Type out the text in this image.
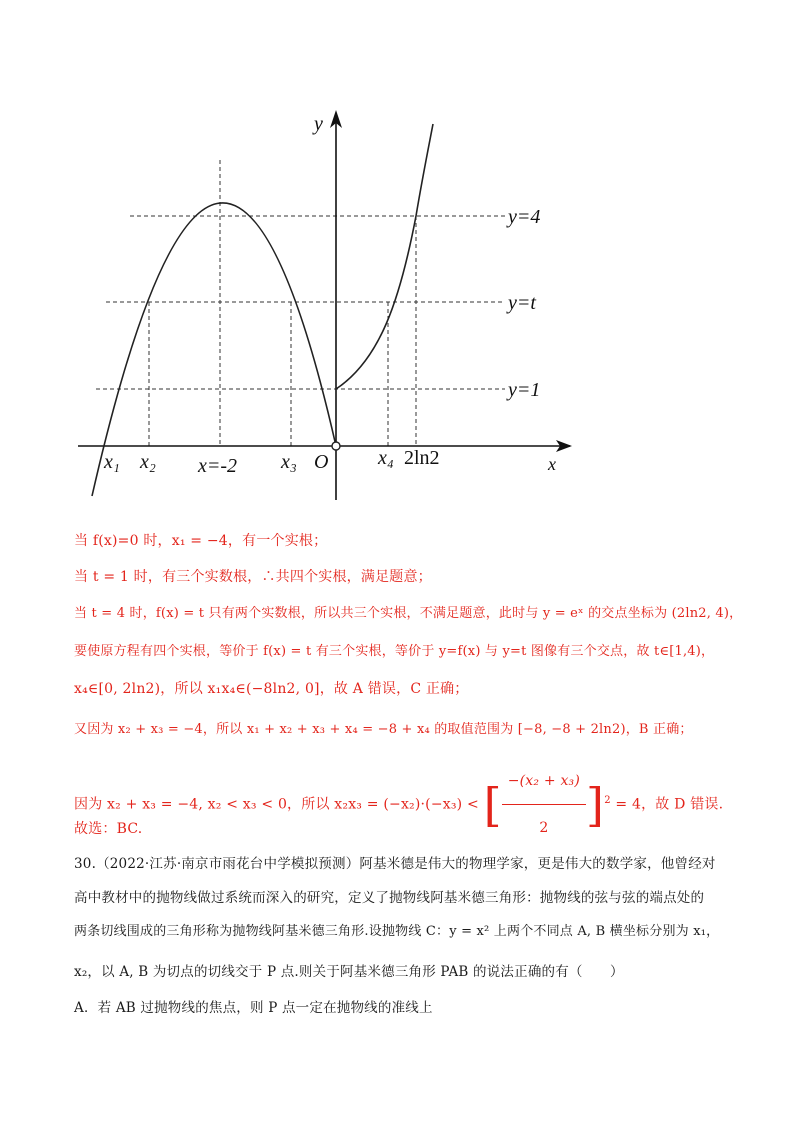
y
x
O
y=4
y=t
y=1
x₁ x₂ x=-2 x₃	x₄ 2ln2
当 f(x)=0 时，x₁ = −4，有一个实根；
当 t = 1 时，有三个实数根，∴共四个实根，满足题意；
当 t = 4 时，f(x) = t 只有两个实数根，所以共三个实根，不满足题意，此时与 y = eˣ 的交点坐标为 (2ln2, 4)，
要使原方程有四个实根，等价于 f(x) = t 有三个实根，等价于 y=f(x) 与 y=t 图像有三个交点，故 t∈[1,4)，
x₄∈[0, 2ln2)，所以 x₁x₄∈(−8ln2, 0]，故 A 错误，C 正确；
又因为 x₂ + x₃ = −4，所以 x₁ + x₂ + x₃ + x₄ = −8 + x₄ 的取值范围为 [−8, −8 + 2ln2)，B 正确；
因为 x₂ + x₃ = −4, x₂ < x₃ < 0，所以 x₂x₃ = (−x₂)·(−x₃) < [ $\frac{\text{−(x₂ + x₃)}}{2} ]^2 = 4$，故 D 错误.
故选：BC.
30.（2022·江苏·南京市雨花台中学模拟预测）阿基米德是伟大的物理学家，更是伟大的数学家，他曾经对
高中教材中的抛物线做过系统而深入的研究，定义了抛物线阿基米德三角形：抛物线的弦与弦的端点处的
两条切线围成的三角形称为抛物线阿基米德三角形.设抛物线 C：y = x² 上两个不同点 A, B 横坐标分别为 x₁，
x₂，以 A, B 为切点的切线交于 P 点.则关于阿基米德三角形 PAB 的说法正确的有（　　）
A．若 AB 过抛物线的焦点，则 P 点一定在抛物线的准线上
